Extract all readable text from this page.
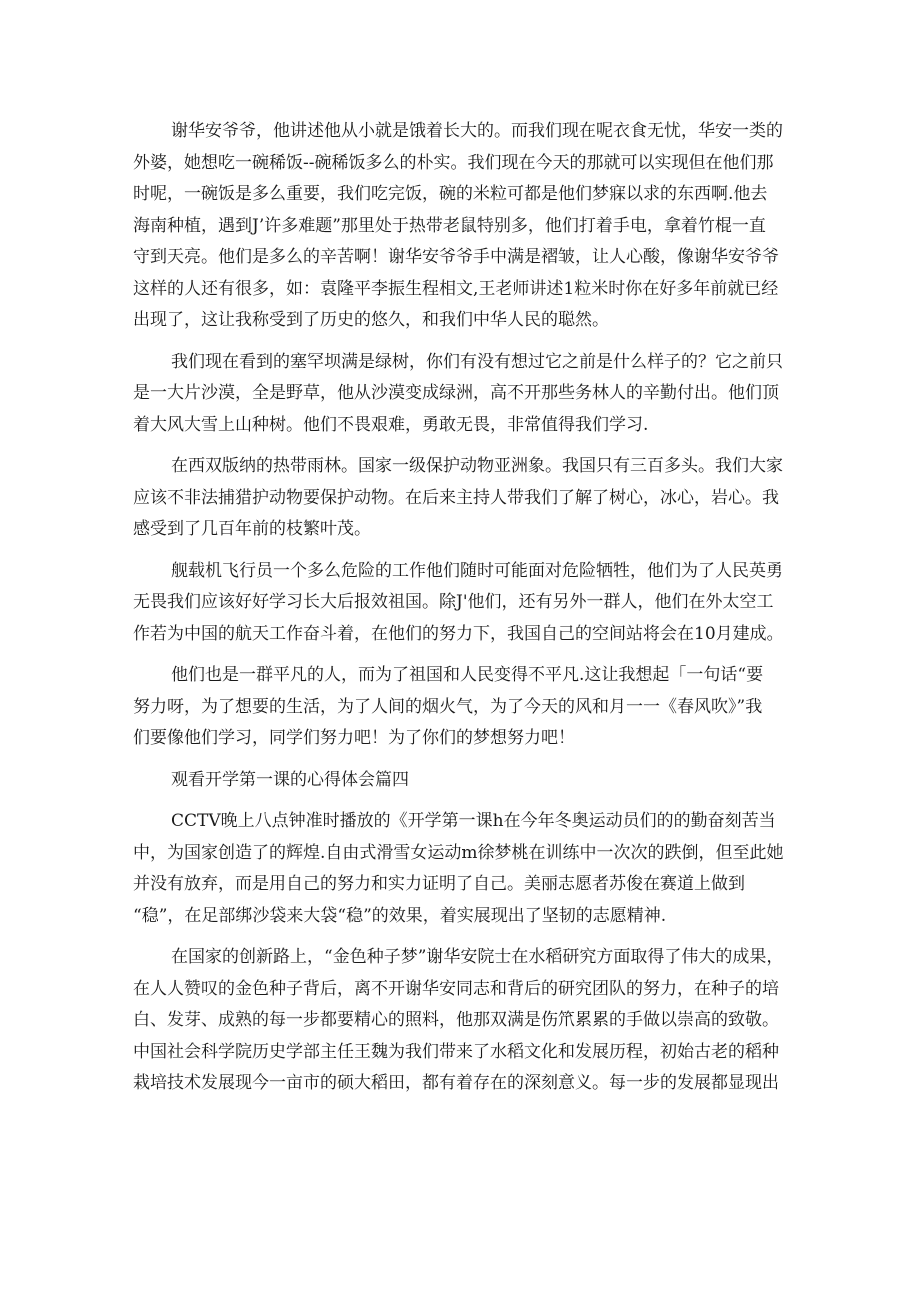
谢华安爷爷，他讲述他从小就是饿着长大的。而我们现在呢衣食无忧，华安一类的
外婆，她想吃一碗稀饭--碗稀饭多么的朴实。我们现在今天的那就可以实现但在他们那
时呢，一碗饭是多么重要，我们吃完饭，碗的米粒可都是他们梦寐以求的东西啊.他去
海南种植，遇到J’许多难题”那里处于热带老鼠特别多，他们打着手电，拿着竹棍一直
守到天亮。他们是多么的辛苦啊！谢华安爷爷手中满是褶皱，让人心酸，像谢华安爷爷
这样的人还有很多，如：袁隆平李振生程相文,王老师讲述1粒米时你在好多年前就已经
出现了，这让我称受到了历史的悠久，和我们中华人民的聪然。
我们现在看到的塞罕坝满是绿树，你们有没有想过它之前是什么样子的？它之前只
是一大片沙漠，全是野草，他从沙漠变成绿洲，高不开那些务林人的辛勤付出。他们顶
着大风大雪上山种树。他们不畏艰难，勇敢无畏，非常值得我们学习.
在西双版纳的热带雨林。国家一级保护动物亚洲象。我国只有三百多头。我们大家
应该不非法捕猎护动物要保护动物。在后来主持人带我们了解了树心，冰心，岩心。我
感受到了几百年前的枝繁叶茂。
舰载机飞行员一个多么危险的工作他们随时可能面对危险牺牲，他们为了人民英勇
无畏我们应该好好学习长大后报效祖国。除J'他们，还有另外一群人，他们在外太空工
作若为中国的航天工作奋斗着，在他们的努力下，我国自己的空间站将会在10月建成。
他们也是一群平凡的人，而为了祖国和人民变得不平凡.这让我想起「一句话“要
努力呀，为了想要的生活，为了人间的烟火气，为了今天的风和月一一《春风吹》”我
们要像他们学习，同学们努力吧！为了你们的梦想努力吧！
观看开学第一课的心得体会篇四
CCTV晚上八点钟准时播放的《开学第一课h在今年冬奥运动员们的的勤奋刻苦当
中，为国家创造了的辉煌.自由式滑雪女运动m徐梦桃在训练中一次次的跌倒，但至此她
并没有放弃，而是用自己的努力和实力证明了自己。美丽志愿者苏俊在赛道上做到
“稳”，在足部绑沙袋来大袋“稳”的效果，着实展现出了坚韧的志愿精神.
在国家的创新路上，“金色种子梦”谢华安院士在水稻研究方面取得了伟大的成果，
在人人赞叹的金色种子背后，离不开谢华安同志和背后的研究团队的努力，在种子的培
白、发芽、成熟的每一步都要精心的照料，他那双满是伤笊累累的手做以崇高的致敬。
中国社会科学院历史学部主任王魏为我们带来了水稻文化和发展历程，初始古老的稻种
栽培技术发展现今一亩市的硕大稻田，都有着存在的深刻意义。每一步的发展都显现出
